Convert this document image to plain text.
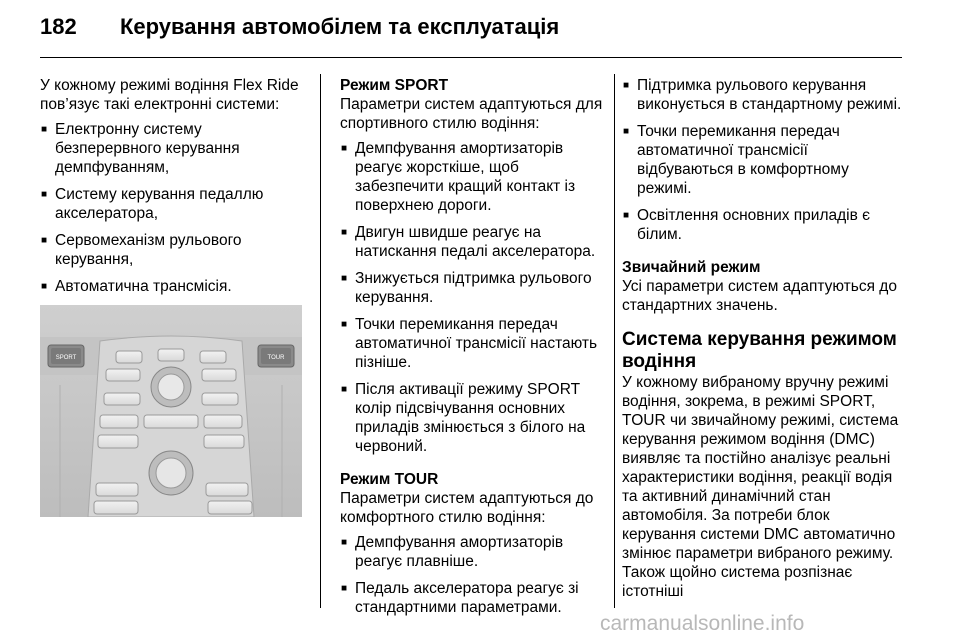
182 Керування автомобілем та експлуатація

У кожному режимі водіння Flex Ride пов’язує такі електронні системи:

■ Електронну систему безперервного керування демпфуванням,
■ Систему керування педаллю акселератора,
■ Сервомеханізм рульового керування,
■ Автоматична трансмісія.
SPORT	TOUR
Режим SPORT

Параметри систем адаптуються для спортивного стилю водіння:

■ Демпфування амортизаторів реагує жорсткіше, щоб забезпечити кращий контакт із поверхнею дороги.
■ Двигун швидше реагує на натискання педалі акселератора.
■ Знижується підтримка рульового керування.
■ Точки перемикання передач автоматичної трансмісії настають пізніше.
■ Після активації режиму SPORT колір підсвічування основних приладів змінюється з білого на червоний.
Режим TOUR

Параметри систем адаптуються до комфортного стилю водіння:

■ Демпфування амортизаторів реагує плавніше.
■ Педаль акселератора реагує зі стандартними параметрами.
■ Підтримка рульового керування виконується в стандартному режимі.
■ Точки перемикання передач автоматичної трансмісії відбуваються в комфортному режимі.
■ Освітлення основних приладів є білим.
Звичайний режим

Усі параметри систем адаптуються до стандартних значень.

Система керування режимом водіння

У кожному вибраному вручну режимі водіння, зокрема, в режимі SPORT, TOUR чи звичайному режимі, система керування режимом водіння (DMC) виявляє та постійно аналізує реальні характеристики водіння, реакції водія та активний динамічний стан автомобіля. За потреби блок керування системи DMC автоматично змінює параметри вибраного режиму. Також щойно система розпізнає істотніші

carmanualsonline.info
